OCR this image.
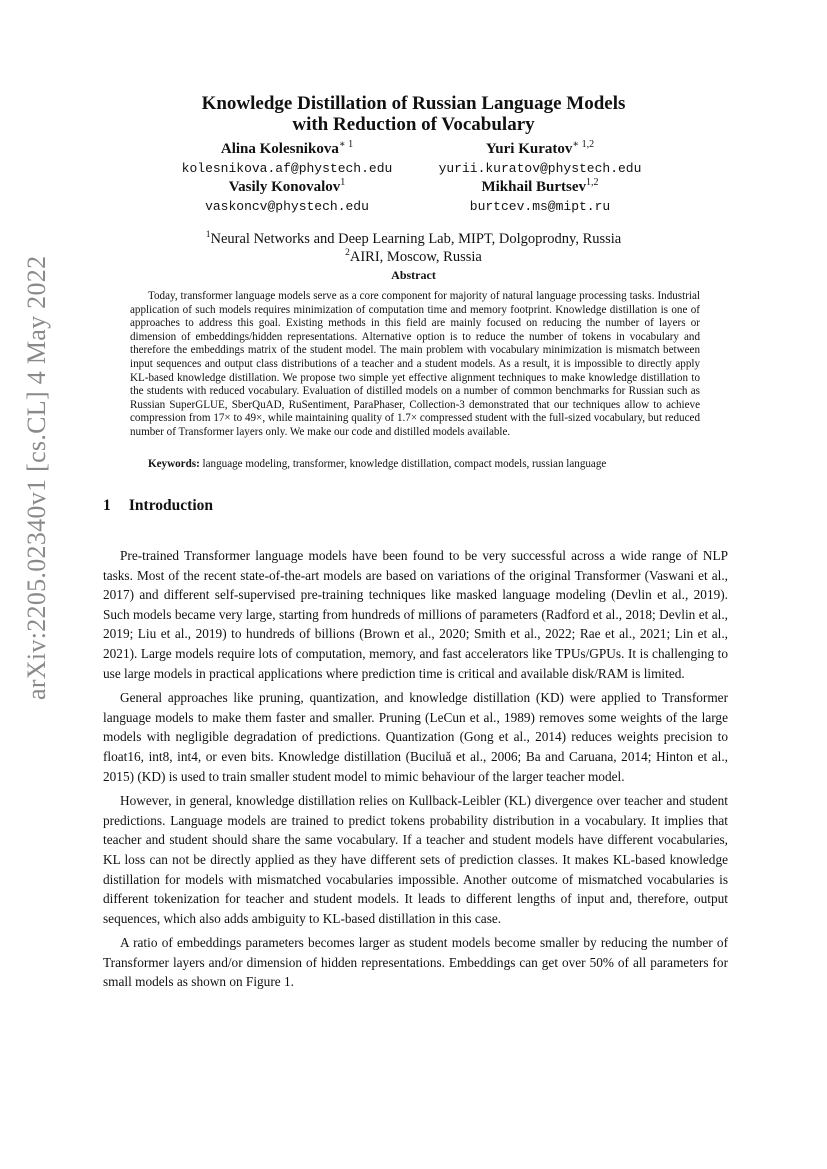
arXiv:2205.02340v1 [cs.CL] 4 May 2022
Knowledge Distillation of Russian Language Models
with Reduction of Vocabulary
Alina Kolesnikova$^{∗ 1}$
kolesnikova.af@phystech.edu
Yuri Kuratov$^{∗ 1,2}$
yurii.kuratov@phystech.edu
Vasily Konovalov$^1$
vaskoncv@phystech.edu
Mikhail Burtsev$^{1,2}$
burtcev.ms@mipt.ru
$^1$Neural Networks and Deep Learning Lab, MIPT, Dolgoprodny, Russia
$^2$AIRI, Moscow, Russia
Abstract

Today, transformer language models serve as a core component for majority of natural language processing tasks. Industrial application of such models requires minimization of computation time and memory footprint. Knowledge distillation is one of approaches to address this goal. Existing methods in this field are mainly focused on reducing the number of layers or dimension of embeddings/hidden representations. Alternative option is to reduce the number of tokens in vocabulary and therefore the embeddings matrix of the student model. The main problem with vocabulary minimization is mismatch between input sequences and output class distributions of a teacher and a student models. As a result, it is impossible to directly apply KL-based knowledge distillation. We propose two simple yet effective alignment techniques to make knowledge distillation to the students with reduced vocabulary. Evaluation of distilled models on a number of common benchmarks for Russian such as Russian SuperGLUE, SberQuAD, RuSentiment, ParaPhaser, Collection-3 demonstrated that our techniques allow to achieve compression from 17× to 49×, while maintaining quality of 1.7× compressed student with the full-sized vocabulary, but reduced number of Transformer layers only. We make our code and distilled models available.

Keywords: language modeling, transformer, knowledge distillation, compact models, russian language
1 Introduction

Pre-trained Transformer language models have been found to be very successful across a wide range of NLP tasks. Most of the recent state-of-the-art models are based on variations of the original Transformer (Vaswani et al., 2017) and different self-supervised pre-training techniques like masked language modeling (Devlin et al., 2019). Such models became very large, starting from hundreds of millions of parameters (Radford et al., 2018; Devlin et al., 2019; Liu et al., 2019) to hundreds of billions (Brown et al., 2020; Smith et al., 2022; Rae et al., 2021; Lin et al., 2021). Large models require lots of computation, memory, and fast accelerators like TPUs/GPUs. It is challenging to use large models in practical applications where prediction time is critical and available disk/RAM is limited.

General approaches like pruning, quantization, and knowledge distillation (KD) were applied to Transformer language models to make them faster and smaller. Pruning (LeCun et al., 1989) removes some weights of the large models with negligible degradation of predictions. Quantization (Gong et al., 2014) reduces weights precision to float16, int8, int4, or even bits. Knowledge distillation (Buciluă et al., 2006; Ba and Caruana, 2014; Hinton et al., 2015) (KD) is used to train smaller student model to mimic behaviour of the larger teacher model.

However, in general, knowledge distillation relies on Kullback-Leibler (KL) divergence over teacher and student predictions. Language models are trained to predict tokens probability distribution in a vocabulary. It implies that teacher and student should share the same vocabulary. If a teacher and student models have different vocabularies, KL loss can not be directly applied as they have different sets of prediction classes. It makes KL-based knowledge distillation for models with mismatched vocabularies impossible. Another outcome of mismatched vocabularies is different tokenization for teacher and student models. It leads to different lengths of input and, therefore, output sequences, which also adds ambiguity to KL-based distillation in this case.

A ratio of embeddings parameters becomes larger as student models become smaller by reducing the number of Transformer layers and/or dimension of hidden representations. Embeddings can get over 50% of all parameters for small models as shown on Figure 1.
